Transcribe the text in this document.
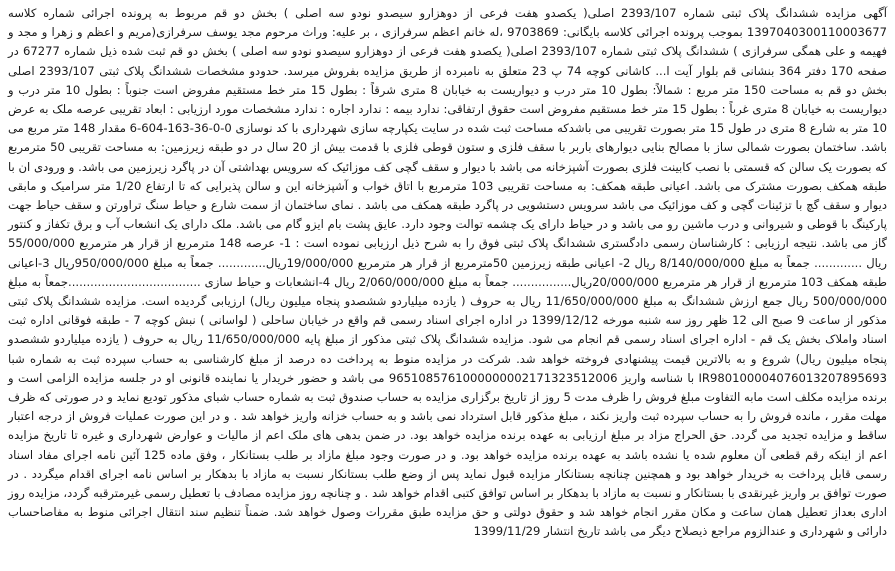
آگهی مزایده ششدانگ پلاک ثبتی شماره 2393/107 اصلی( یکصدو هفت فرعی از دوهزارو سیصدو نودو سه اصلی ) بخش دو قم مربوط به پرونده اجرائی شماره کلاسه 1397040300110003677 بموجب پرونده اجرائی کلاسه بایگانی: 9703869 ،له خانم اعظم سرفرازی ، بر علیه: وراث مرحوم مجد یوسف سرفرازی(مریم و اعظم و زهرا و مجد و فهیمه و علی همگی سرفرازی ) ششدانگ پلاک ثبتی شماره 2393/107 اصلی( یکصدو هفت فرعی از دوهزارو سیصدو نودو سه اصلی ) بخش دو قم ثبت شده ذیل شماره 67277 در صفحه 170 دفتر 364 بنشانی قم بلوار آیت ا... کاشانی کوچه 74 پ 23 متعلق به نامبرده از طریق مزایده بفروش میرسد. حدودو مشخصات ششدانگ پلاک ثبتی 2393/107 اصلی بخش دو قم به مساحت 150 متر مربع : شمالاً: بطول 10 متر درب و دیواریست به خیابان 8 متری شرقاً : بطول 15 متر خط مستقیم مفروض است جنوباً : بطول 10 متر درب و دیواریست به خیابان 8 متری غرباً : بطول 15 متر خط مستقیم مفروض است حقوق ارتفاقی: ندارد بیمه : ندارد اجاره : ندارد مشخصات مورد ارزیابی : ابعاد تقریبی عرصه ملک به عرض 10 متر به شارع 8 متری در طول 15 متر بصورت تقریبی می باشدکه مساحت ثبت شده در سایت یکپارچه سازی شهرداری با کد نوسازی 0-0-36-163-604-6 مقدار 148 متر مربع می باشد. ساختمان بصورت شمالی ساز با مصالح بنایی دیوارهای باربر با سقف فلزی و ستون قوطی فلزی با قدمت بیش از 20 سال در دو طبقه زیرزمین: به مساحت تقریبی 50 مترمربع که بصورت یک سالن که قسمتی با نصب کابینت فلزی بصورت آشپزخانه می باشد با دیوار و سقف گچی کف موزائیک که سرویس بهداشتی آن در پاگرد زیرزمین می باشد. و ورودی ان با طبقه همکف بصورت مشترک می باشد. اعیانی طبقه همکف: به مساحت تقریبی 103 مترمربع با اتاق خواب و آشپزخانه این و سالن پذیرایی که تا ارتفاع 1/20 متر سرامیک و مابقی دیوار و سقف گچ با تزئینات گچی و کف موزائیک می باشد سرویس دستشویی در پاگرد طبقه همکف می باشد . نمای ساختمان از سمت شارع و حیاط سنگ تراورتن و سقف حیاط جهت پارکینگ با قوطی و شیروانی و درب ماشین رو می باشد و در حیاط دارای یک چشمه توالت وجود دارد. عایق پشت بام ایزو گام می باشد. ملک دارای یک انشعاب آب و برق تکفاز و کنتور گاز می باشد. نتیجه ارزیابی : کارشناسان رسمی دادگستری ششدانگ پلاک ثبتی فوق را به شرح ذیل ارزیابی نموده است : 1- عرصه 148 مترمربع از قرار هر مترمربع 55/000/000 ریال ............. جمعاً به مبلغ 8/140/000/000 ریال 2- اعیانی طبقه زیرزمین 50مترمربع از قرار هر مترمربع 19/000/000ریال............. جمعاً به مبلغ 950/000/000ریال 3-اعیانی طبقه همکف 103 مترمربع از قرار هر مترمربع 20/000/000ریال................ جمعاً به مبلغ 2/060/000/000 ریال 4-انشعابات و حیاط سازی ....................................جمعاً به مبلغ 500/000/000 ریال جمع ارزش ششدانگ به مبلغ 11/650/000/000 ریال به حروف ( یازده میلیاردو ششصدو پنجاه میلیون ریال) ارزیابی گردیده است. مزایده ششدانگ پلاک ثبتی مذکور از ساعت 9 صبح الی 12 ظهر روز سه شنبه مورخه 1399/12/12 در اداره اجرای اسناد رسمی قم واقع در خیابان ساحلی ( لواسانی ) نبش کوچه 7 - طبقه فوقانی اداره ثبت اسناد واملاک بخش یک قم - اداره اجرای اسناد رسمی قم انجام می شود. مزایده ششدانگ پلاک ثبتی مذکور از مبلغ پایه 11/650/000/000 ریال به حروف ( یازده میلیاردو ششصدو پنجاه میلیون ریال) شروع و به بالاترین قیمت پیشنهادی فروخته خواهد شد. شرکت در مزایده منوط به پرداخت ده درصد از مبلغ کارشناسی به حساب سپرده ثبت به شماره شبا IR980100004076013207895693 با شناسه واریز 9651085761000000002171323512006 می باشد و حضور خریدار یا نماینده قانونی او در جلسه مزایده الزامی است و برنده مزایده مکلف است مابه التفاوت مبلغ فروش را ظرف مدت 5 روز از تاریخ برگزاری مزایده به حساب صندوق ثبت به شماره حساب شبای مذکور تودیع نماید و در صورتی که ظرف مهلت مقرر ، مانده فروش را به حساب سپرده ثبت واریز نکند ، مبلغ مذکور قابل استرداد نمی باشد و به حساب خزانه واریز خواهد شد . و در این صورت عملیات فروش از درجه اعتبار ساقط و مزایده تجدید می گردد. حق الحراج مزاد بر مبلغ ارزیابی به عهده برنده مزایده خواهد بود. در ضمن بدهی های ملک اعم از مالیات و عوارض شهرداری و غیره تا تاریخ مزایده اعم از اینکه رقم قطعی آن معلوم شده یا نشده باشد به عهده برنده مزایده خواهد بود. و در صورت وجود مبلغ مازاد بر طلب بستانکار ، وفق ماده 125 آئین نامه اجرای مفاد اسناد رسمی قابل پرداخت به خریدار خواهد بود و همچنین چنانچه بستانکار مزایده قبول نماید پس از وضع طلب بستانکار نسبت به مازاد با بدهکار بر اساس نامه اجرای اقدام میگردد . در صورت توافق بر واریز غیرنقدی با بستانکار و نسبت به مازاد با بدهکار بر اساس توافق کتبی اقدام خواهد شد . و چنانچه روز مزایده مصادف با تعطیل رسمی غیرمترقبه گردد، مزایده روز اداری بعداز تعطیل همان ساعت و مکان مقرر انجام خواهد شد و حقوق دولتی و حق مزایده طبق مقررات وصول خواهد شد. ضمناً تنظیم سند انتقال اجرائی منوط به مفاصاحساب دارائی و شهرداری و عندالزوم مراجع ذیصلاح دیگر می باشد تاریخ انتشار 1399/11/29
